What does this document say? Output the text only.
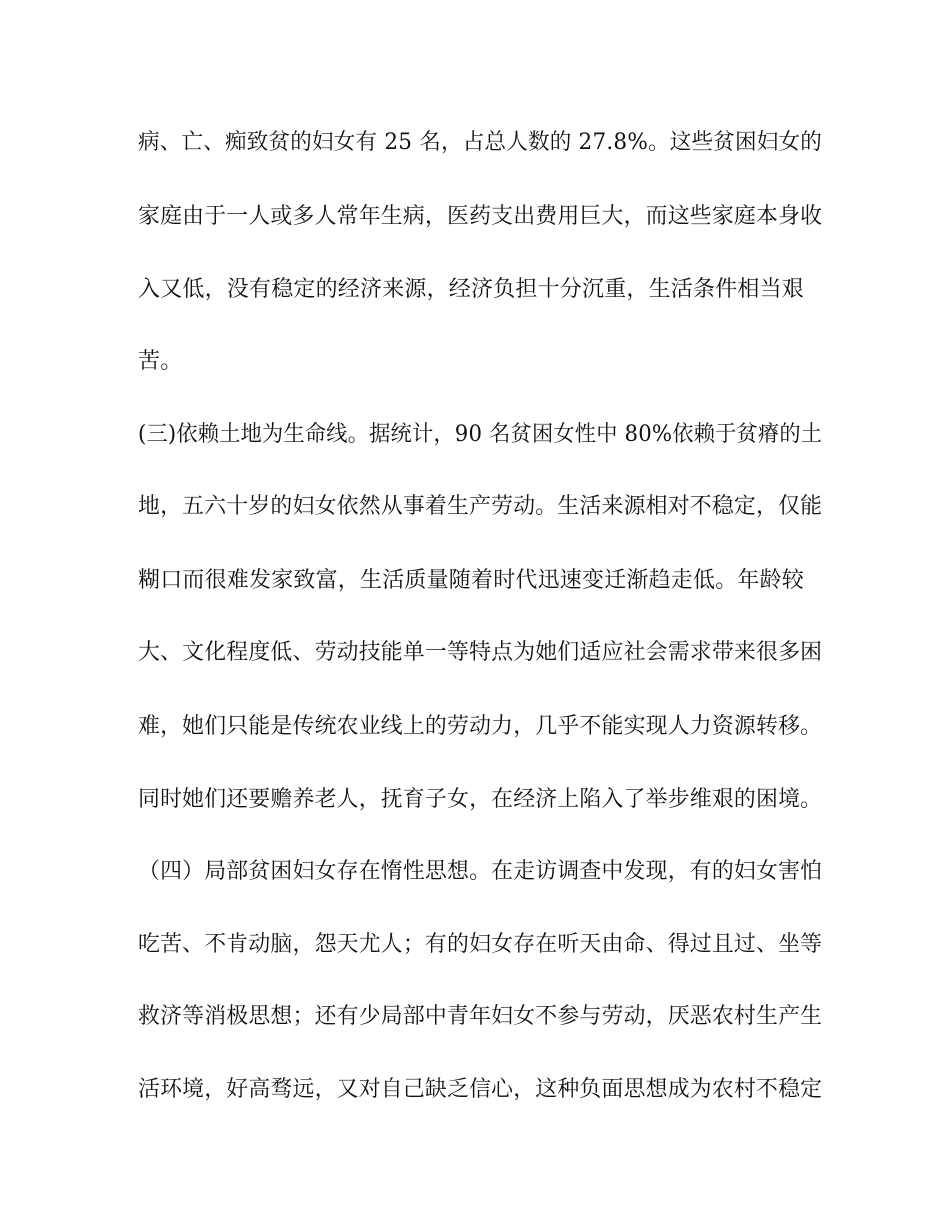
病、亡、痴致贫的妇女有 25 名，占总人数的 27.8%。这些贫困妇女的
家庭由于一人或多人常年生病，医药支出费用巨大，而这些家庭本身收
入又低，没有稳定的经济来源，经济负担十分沉重，生活条件相当艰
苦。
(三)依赖土地为生命线。据统计，90 名贫困女性中 80%依赖于贫瘠的土
地，五六十岁的妇女依然从事着生产劳动。生活来源相对不稳定，仅能
糊口而很难发家致富，生活质量随着时代迅速变迁渐趋走低。年龄较
大、文化程度低、劳动技能单一等特点为她们适应社会需求带来很多困
难，她们只能是传统农业线上的劳动力，几乎不能实现人力资源转移。
同时她们还要赡养老人，抚育子女，在经济上陷入了举步维艰的困境。
（四）局部贫困妇女存在惰性思想。在走访调查中发现，有的妇女害怕
吃苦、不肯动脑，怨天尤人；有的妇女存在听天由命、得过且过、坐等
救济等消极思想；还有少局部中青年妇女不参与劳动，厌恶农村生产生
活环境，好高骛远，又对自己缺乏信心，这种负面思想成为农村不稳定
